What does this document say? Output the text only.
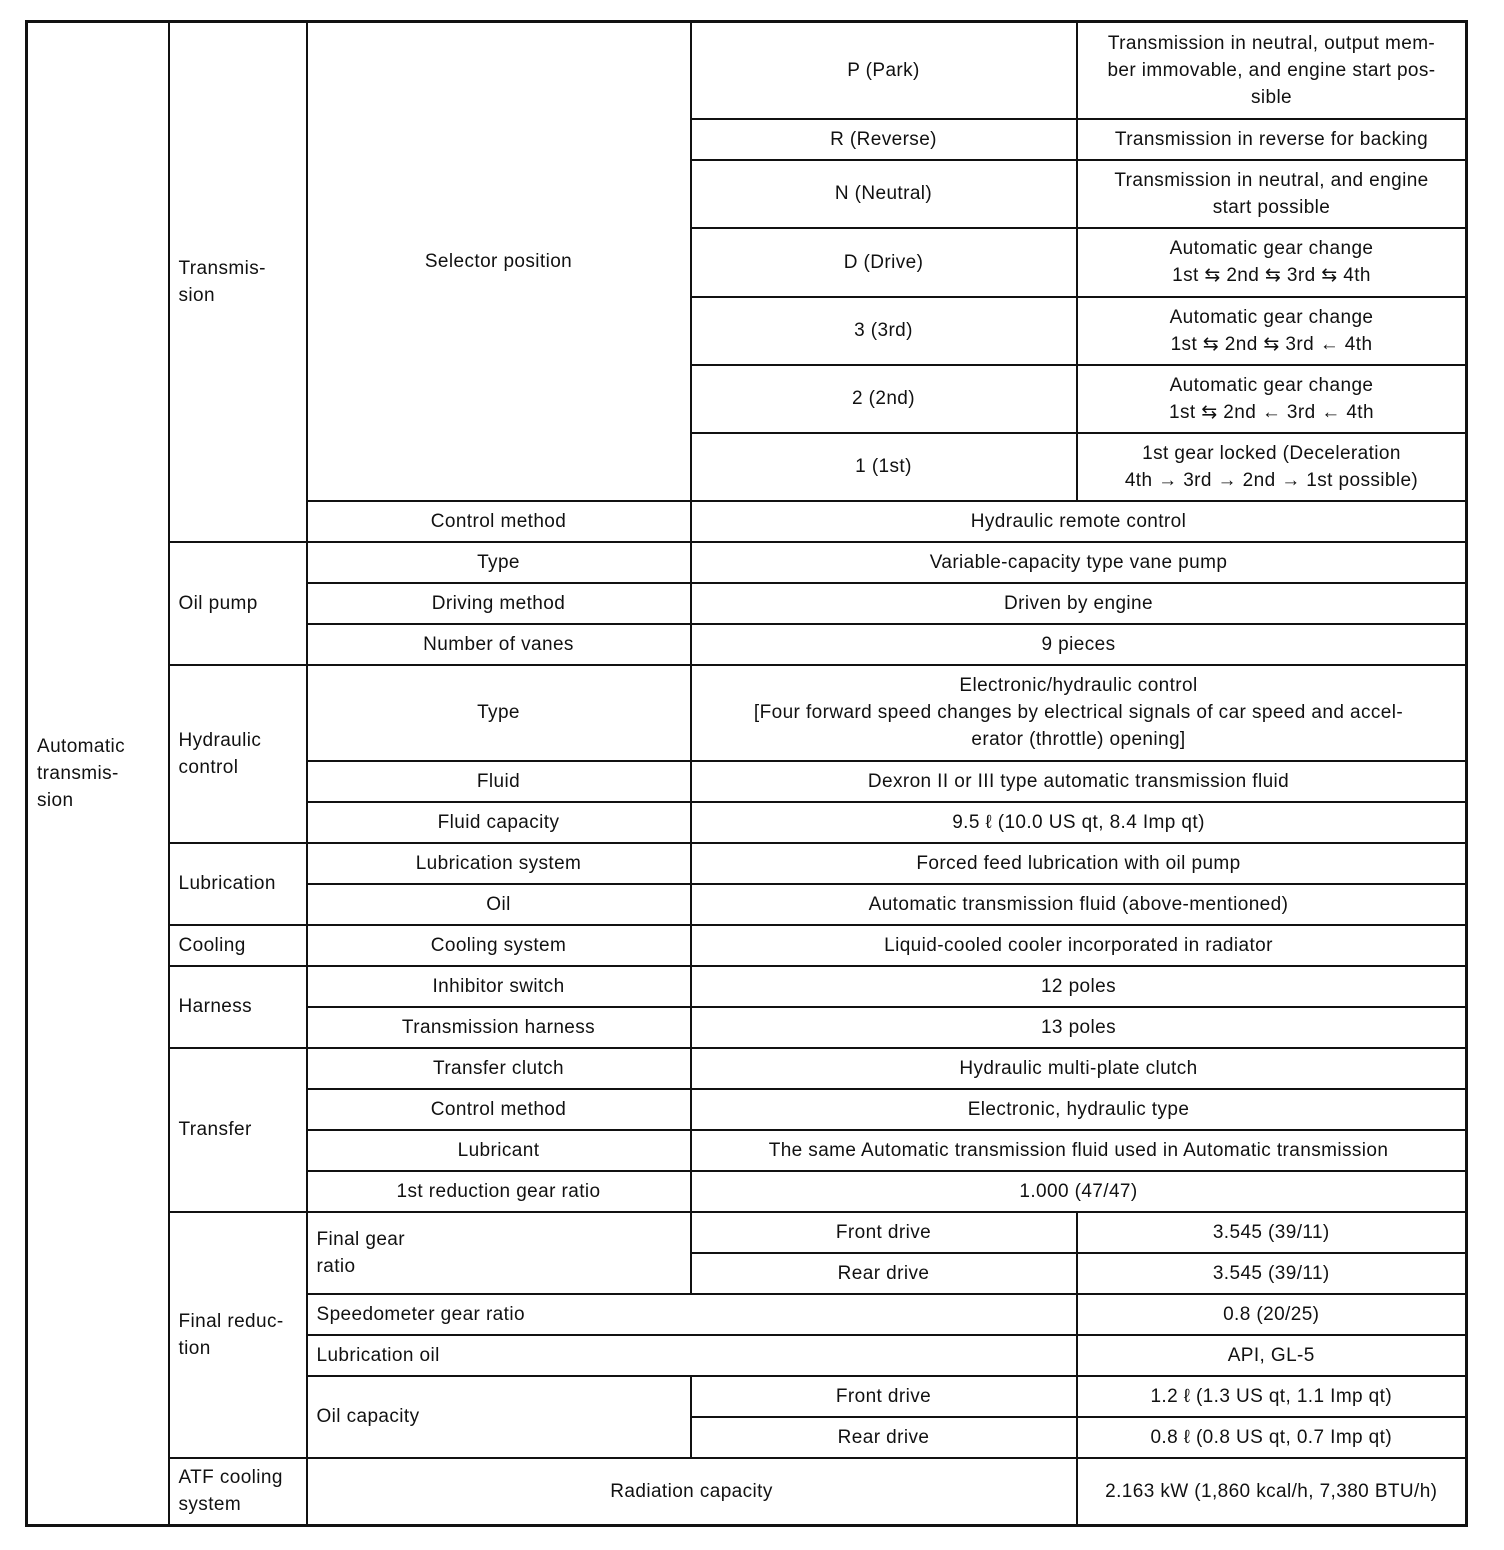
Automatic
transmis-
sion	Transmis-
sion	Selector position	P (Park)	Transmission in neutral, output mem-
ber immovable, and engine start pos-
sible
			R (Reverse)	Transmission in reverse for backing
			N (Neutral)	Transmission in neutral, and engine
start possible
			D (Drive)	Automatic gear change
1st ⇆ 2nd ⇆ 3rd ⇆ 4th
			3 (3rd)	Automatic gear change
1st ⇆ 2nd ⇆ 3rd ← 4th
			2 (2nd)	Automatic gear change
1st ⇆ 2nd ← 3rd ← 4th
			1 (1st)	1st gear locked (Deceleration
4th → 3rd → 2nd → 1st possible)
		Control method	Hydraulic remote control	
	Oil pump	Type	Variable-capacity type vane pump	
		Driving method	Driven by engine	
		Number of vanes	9 pieces	
	Hydraulic
control	Type	Electronic/hydraulic control
[Four forward speed changes by electrical signals of car speed and accel-
erator (throttle) opening]	
		Fluid	Dexron II or III type automatic transmission fluid	
		Fluid capacity	9.5 ℓ (10.0 US qt, 8.4 Imp qt)	
	Lubrication	Lubrication system	Forced feed lubrication with oil pump	
		Oil	Automatic transmission fluid (above-mentioned)	
	Cooling	Cooling system	Liquid-cooled cooler incorporated in radiator	
	Harness	Inhibitor switch	12 poles	
		Transmission harness	13 poles	
	Transfer	Transfer clutch	Hydraulic multi-plate clutch	
		Control method	Electronic, hydraulic type	
		Lubricant	The same Automatic transmission fluid used in Automatic transmission	
		1st reduction gear ratio	1.000 (47/47)	
	Final reduc-
tion	Final gear
ratio	Front drive	3.545 (39/11)
			Rear drive	3.545 (39/11)
		Speedometer gear ratio		0.8 (20/25)
		Lubrication oil		API, GL-5
		Oil capacity	Front drive	1.2 ℓ (1.3 US qt, 1.1 Imp qt)
			Rear drive	0.8 ℓ (0.8 US qt, 0.7 Imp qt)
	ATF cooling
system	Radiation capacity		2.163 kW (1,860 kcal/h, 7,380 BTU/h)
